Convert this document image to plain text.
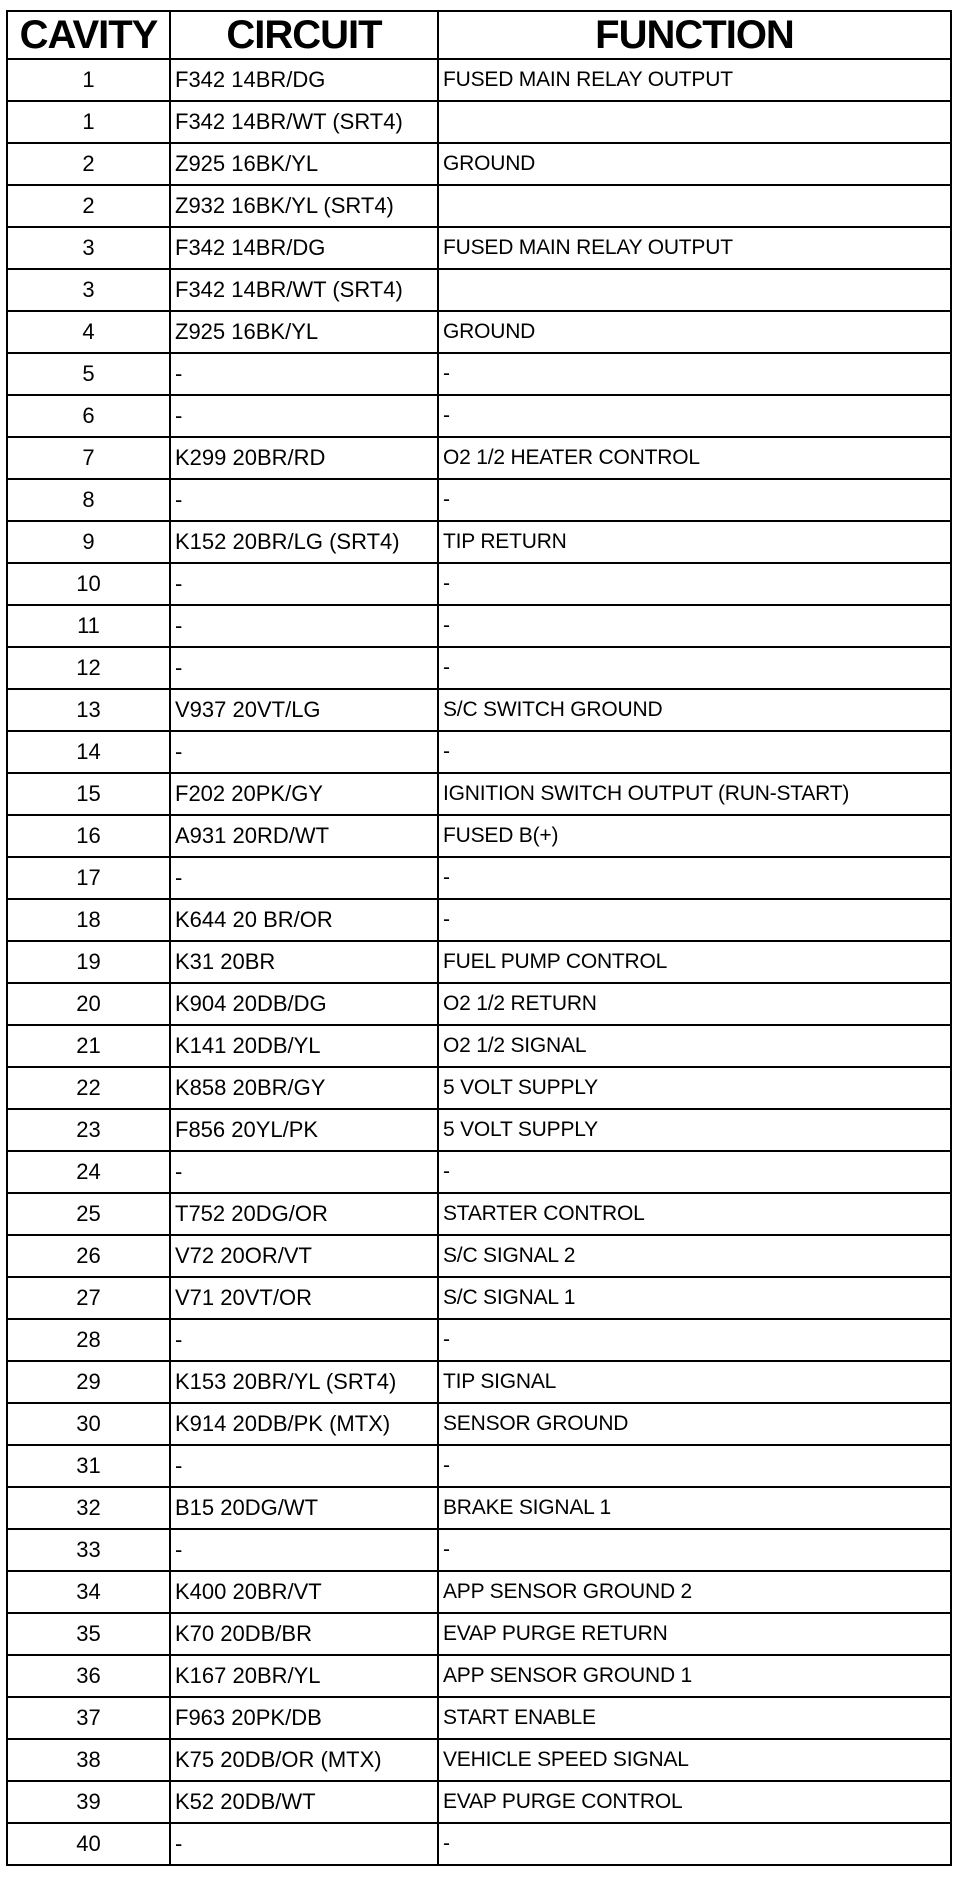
CAVITY	CIRCUIT	FUNCTION
1	F342 14BR/DG	FUSED MAIN RELAY OUTPUT
1	F342 14BR/WT (SRT4)	
2	Z925 16BK/YL	GROUND
2	Z932 16BK/YL (SRT4)	
3	F342 14BR/DG	FUSED MAIN RELAY OUTPUT
3	F342 14BR/WT (SRT4)	
4	Z925 16BK/YL	GROUND
5	-	-
6	-	-
7	K299 20BR/RD	O2 1/2 HEATER CONTROL
8	-	-
9	K152 20BR/LG (SRT4)	TIP RETURN
10	-	-
11	-	-
12	-	-
13	V937 20VT/LG	S/C SWITCH GROUND
14	-	-
15	F202 20PK/GY	IGNITION SWITCH OUTPUT (RUN-START)
16	A931 20RD/WT	FUSED B(+)
17	-	-
18	K644 20 BR/OR	-
19	K31 20BR	FUEL PUMP CONTROL
20	K904 20DB/DG	O2 1/2 RETURN
21	K141 20DB/YL	O2 1/2 SIGNAL
22	K858 20BR/GY	5 VOLT SUPPLY
23	F856 20YL/PK	5 VOLT SUPPLY
24	-	-
25	T752 20DG/OR	STARTER CONTROL
26	V72 20OR/VT	S/C SIGNAL 2
27	V71 20VT/OR	S/C SIGNAL 1
28	-	-
29	K153 20BR/YL (SRT4)	TIP SIGNAL
30	K914 20DB/PK (MTX)	SENSOR GROUND
31	-	-
32	B15 20DG/WT	BRAKE SIGNAL 1
33	-	-
34	K400 20BR/VT	APP SENSOR GROUND 2
35	K70 20DB/BR	EVAP PURGE RETURN
36	K167 20BR/YL	APP SENSOR GROUND 1
37	F963 20PK/DB	START ENABLE
38	K75 20DB/OR (MTX)	VEHICLE SPEED SIGNAL
39	K52 20DB/WT	EVAP PURGE CONTROL
40	-	-
